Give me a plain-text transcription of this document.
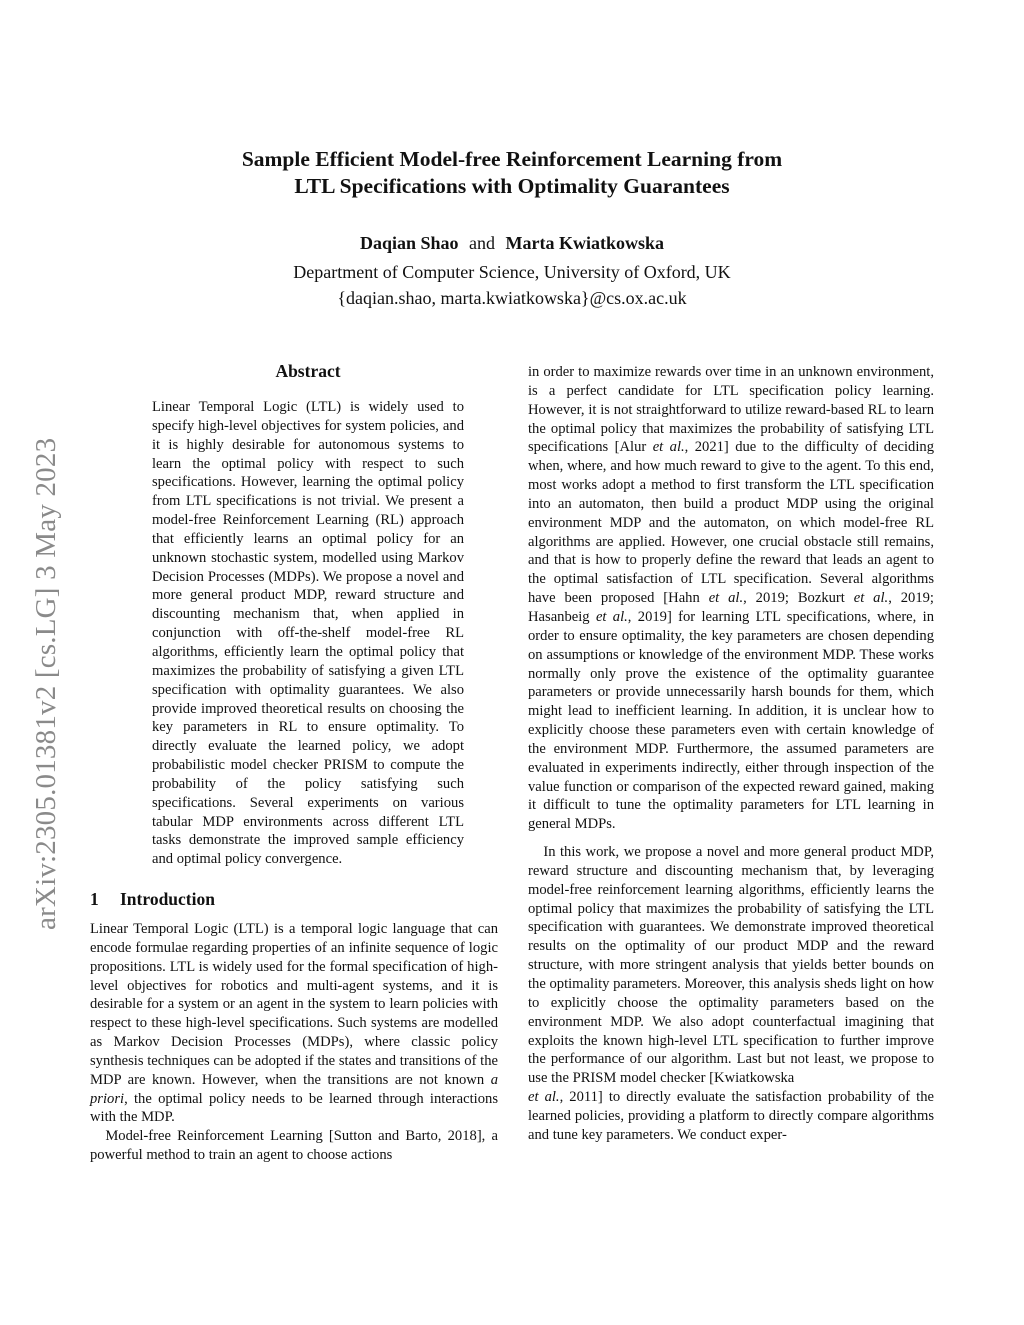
Sample Efficient Model-free Reinforcement Learning from
LTL Specifications with Optimality Guarantees
Daqian Shao and Marta Kwiatkowska
Department of Computer Science, University of Oxford, UK
{daqian.shao, marta.kwiatkowska}@cs.ox.ac.uk
arXiv:2305.01381v2 [cs.LG] 3 May 2023
Abstract

Linear Temporal Logic (LTL) is widely used to specify high-level objectives for system policies, and it is highly desirable for autonomous systems to learn the optimal policy with respect to such specifications. However, learning the optimal policy from LTL specifications is not trivial. We present a model-free Reinforcement Learning (RL) approach that efficiently learns an optimal policy for an unknown stochastic system, modelled using Markov Decision Processes (MDPs). We propose a novel and more general product MDP, reward structure and discounting mechanism that, when applied in conjunction with off-the-shelf model-free RL algorithms, efficiently learn the optimal policy that maximizes the probability of satisfying a given LTL specification with optimality guarantees. We also provide improved theoretical results on choosing the key parameters in RL to ensure optimality. To directly evaluate the learned policy, we adopt probabilistic model checker PRISM to compute the probability of the policy satisfying such specifications. Several experiments on various tabular MDP environments across different LTL tasks demonstrate the improved sample efficiency and optimal policy convergence.

1 Introduction

Linear Temporal Logic (LTL) is a temporal logic language that can encode formulae regarding properties of an infinite sequence of logic propositions. LTL is widely used for the formal specification of high-level objectives for robotics and multi-agent systems, and it is desirable for a system or an agent in the system to learn policies with respect to these high-level specifications. Such systems are modelled as Markov Decision Processes (MDPs), where classic policy synthesis techniques can be adopted if the states and transitions of the MDP are known. However, when the transitions are not known a priori, the optimal policy needs to be learned through interactions with the MDP.

Model-free Reinforcement Learning [Sutton and Barto, 2018], a powerful method to train an agent to choose actions

in order to maximize rewards over time in an unknown environment, is a perfect candidate for LTL specification policy learning. However, it is not straightforward to utilize reward-based RL to learn the optimal policy that maximizes the probability of satisfying LTL specifications [Alur et al., 2021] due to the difficulty of deciding when, where, and how much reward to give to the agent. To this end, most works adopt a method to first transform the LTL specification into an automaton, then build a product MDP using the original environment MDP and the automaton, on which model-free RL algorithms are applied. However, one crucial obstacle still remains, and that is how to properly define the reward that leads an agent to the optimal satisfaction of LTL specification. Several algorithms have been proposed [Hahn et al., 2019; Bozkurt et al., 2019; Hasanbeig et al., 2019] for learning LTL specifications, where, in order to ensure optimality, the key parameters are chosen depending on assumptions or knowledge of the environment MDP. These works normally only prove the existence of the optimality guarantee parameters or provide unnecessarily harsh bounds for them, which might lead to inefficient learning. In addition, it is unclear how to explicitly choose these parameters even with certain knowledge of the environment MDP. Furthermore, the assumed parameters are evaluated in experiments indirectly, either through inspection of the value function or comparison of the expected reward gained, making it difficult to tune the optimality parameters for LTL learning in general MDPs.

In this work, we propose a novel and more general product MDP, reward structure and discounting mechanism that, by leveraging model-free reinforcement learning algorithms, efficiently learns the optimal policy that maximizes the probability of satisfying the LTL specification with guarantees. We demonstrate improved theoretical results on the optimality of our product MDP and the reward structure, with more stringent analysis that yields better bounds on the optimality parameters. Moreover, this analysis sheds light on how to explicitly choose the optimality parameters based on the environment MDP. We also adopt counterfactual imagining that exploits the known high-level LTL specification to further improve the performance of our algorithm. Last but not least, we propose to use the PRISM model checker [Kwiatkowska
et al., 2011] to directly evaluate the satisfaction probability of the learned policies, providing a platform to directly compare algorithms and tune key parameters. We conduct exper-
